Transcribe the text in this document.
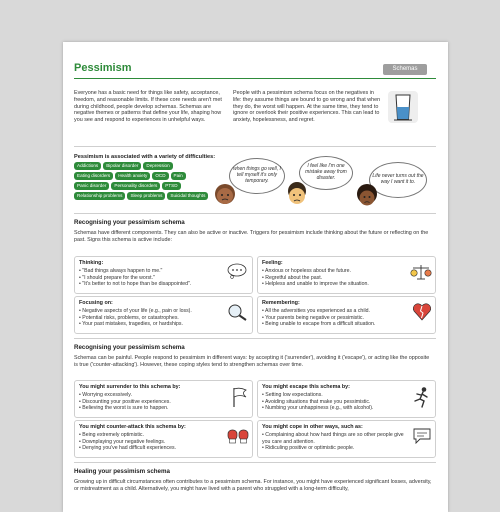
Pessimism	Schemas
Everyone has a basic need for things like safety, acceptance, freedom, and reasonable limits. If these core needs aren't met during childhood, people develop schemas. Schemas are negative themes or patterns that define your life, shaping how you see and respond to experiences in unhelpful ways.
People with a pessimism schema focus on the negatives in life: they assume things are bound to go wrong and that when they do, the worst will happen. At the same time, they tend to ignore or overlook their positive experiences. This can lead to anxiety, hopelessness, and regret.
Pessimism is associated with a variety of difficulties:
Addictions	Bipolar disorder	Depression
Eating disorders	Health anxiety	OCD	Pain
Panic disorder	Personality disorders	PTSD
Relationship problems	Sleep problems	Suicidal thoughts
when things go well, I tell myself it's only temporary.
I feel like I'm one mistake away from disaster.	Life never turns out the way I want it to.
Recognising your pessimism schema
Schemas have different components. They can also be active or inactive. Triggers for pessimism include thinking about the future or reflecting on the past. Signs this schema is active include:
Thinking:
• "Bad things always happen to me."
• "I should prepare for the worst."
• "It's better to not to hope than be disappointed".
Feeling:
• Anxious or hopeless about the future.
• Regretful about the past.
• Helpless and unable to improve the situation.
Focusing on:
• Negative aspects of your life (e.g., pain or loss).
• Potential risks, problems, or catastrophes.
• Your past mistakes, tragedies, or hardships.
Remembering:
• All the adversities you experienced as a child.
• Your parents being negative or pessimistic.
• Being unable to escape from a difficult situation.
Recognising your pessimism schema
Schemas can be painful. People respond to pessimism in different ways: by accepting it ('surrender'), avoiding it ('escape'), or acting like the opposite is true ('counter-attacking'). However, these coping styles tend to strengthen schemas over time.
You might surrender to this schema by:
• Worrying excessively.
• Discounting your positive experiences.
• Believing the worst is sure to happen.
You might escape this schema by:
• Setting low expectations.
• Avoiding situations that make you pessimistic.
• Numbing your unhappiness (e.g., with alcohol).
You might counter-attack this schema by:
• Being extremely optimistic.
• Downplaying your negative feelings.
• Denying you've had difficult experiences.
You might cope in other ways, such as:
• Complaining about how hard things are so other people give you care and attention.
• Ridiculing positive or optimistic people.
Healing your pessimism schema
Growing up in difficult circumstances often contributes to a pessimism schema. For instance, you might have experienced significant losses, adversity, or mistreatment as a child. Alternatively, you might have lived with a parent who struggled with a long-term difficulty,
